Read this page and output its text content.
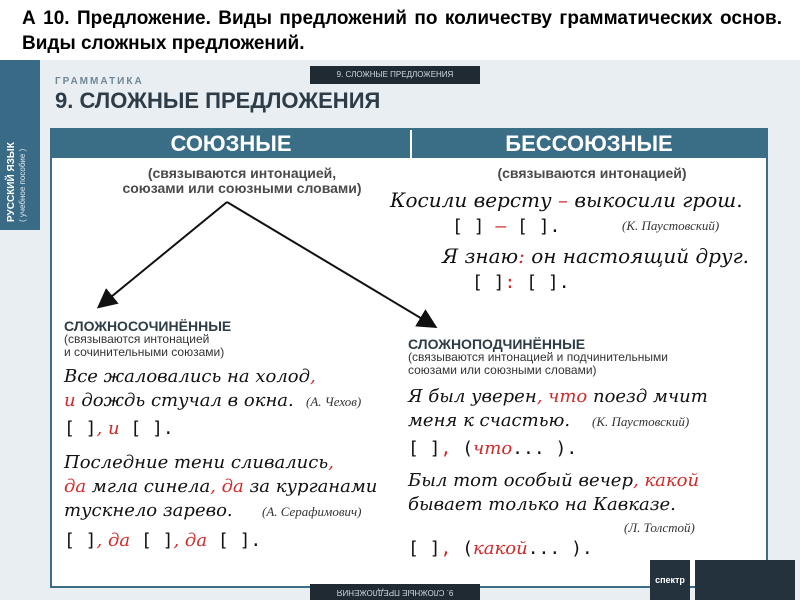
А 10. Предложение. Виды предложений по количеству грамматических основ. Виды сложных предложений.
РУССКИЙ ЯЗЫК ( учебное пособие )
9. СЛОЖНЫЕ ПРЕДЛОЖЕНИЯ
ГРАММАТИКА
9. СЛОЖНЫЕ ПРЕДЛОЖЕНИЯ
СОЮЗНЫЕ	БЕССОЮЗНЫЕ
(связываются интонацией,
союзами или союзными словами)
(связываются интонацией)
Косили версту – выкосили грош.
[ ] – [ ].	(К. Паустовский)
Я знаю: он настоящий друг.
[ ]: [ ].
СЛОЖНОСОЧИНЁННЫЕ
(связываются интонацией
и сочинительными союзами)
Все жаловались на холод,
и дождь стучал в окна. (А. Чехов)
[ ], и [ ].
Последние тени сливались,
да мгла синела, да за курганами
тускнело зарево. (А. Серафимович)
[ ], да [ ], да [ ].
СЛОЖНОПОДЧИНЁННЫЕ
(связываются интонацией и подчинительными
союзами или союзными словами)
Я был уверен, что поезд мчит
меня к счастью. (К. Паустовский)
[ ], (что... ).
Был тот особый вечер, какой
бывает только на Кавказе.
(Л. Толстой)
[ ], (какой... ).
9. СЛОЖНЫЕ ПРЕДЛОЖЕНИЯ
спектр
